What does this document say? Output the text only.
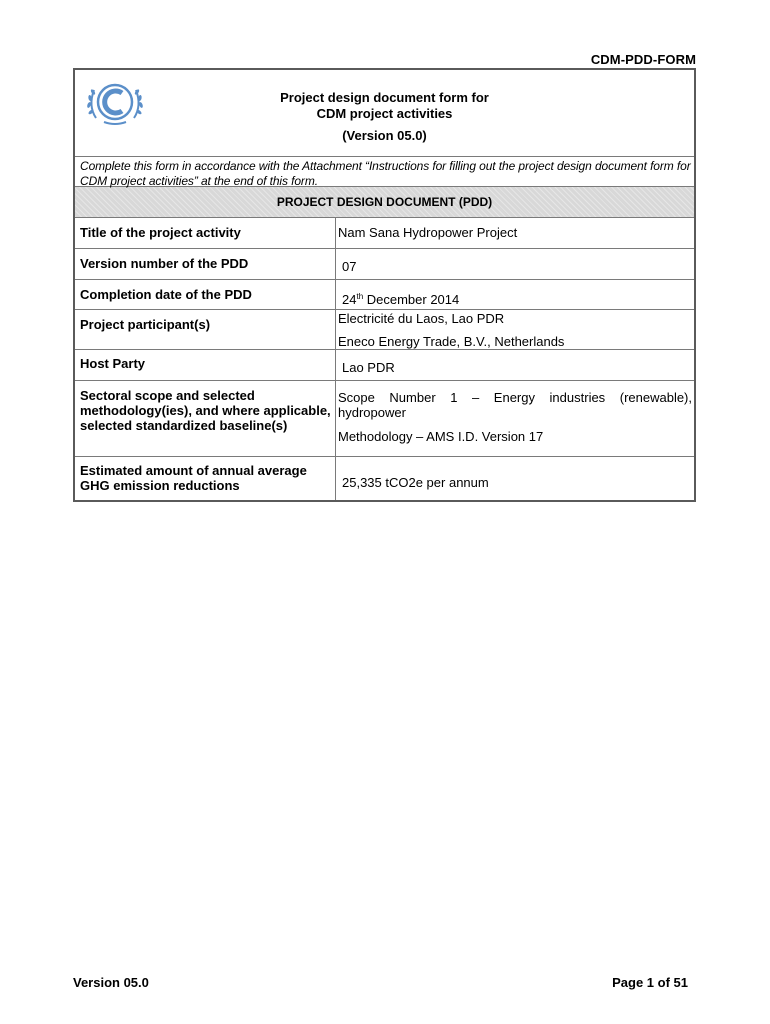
CDM-PDD-FORM
Project design document form for
CDM project activities
(Version 05.0)
Complete this form in accordance with the Attachment “Instructions for filling out the project design document form for CDM project activities” at the end of this form.
PROJECT DESIGN DOCUMENT (PDD)
Title of the project activity	Nam Sana Hydropower Project
Version number of the PDD	07
Completion date of the PDD	24th December 2014
Project participant(s)	Electricité du Laos, Lao PDR
Eneco Energy Trade, B.V., Netherlands

Host Party	Lao PDR
Sectoral scope and selected methodology(ies), and where applicable, selected standardized baseline(s)	Scope Number 1 – Energy industries (renewable),
hydropower
Methodology – AMS I.D. Version 17

Estimated amount of annual average
GHG emission reductions	25,335 tCO2e per annum
Version 05.0	Page 1 of 51
